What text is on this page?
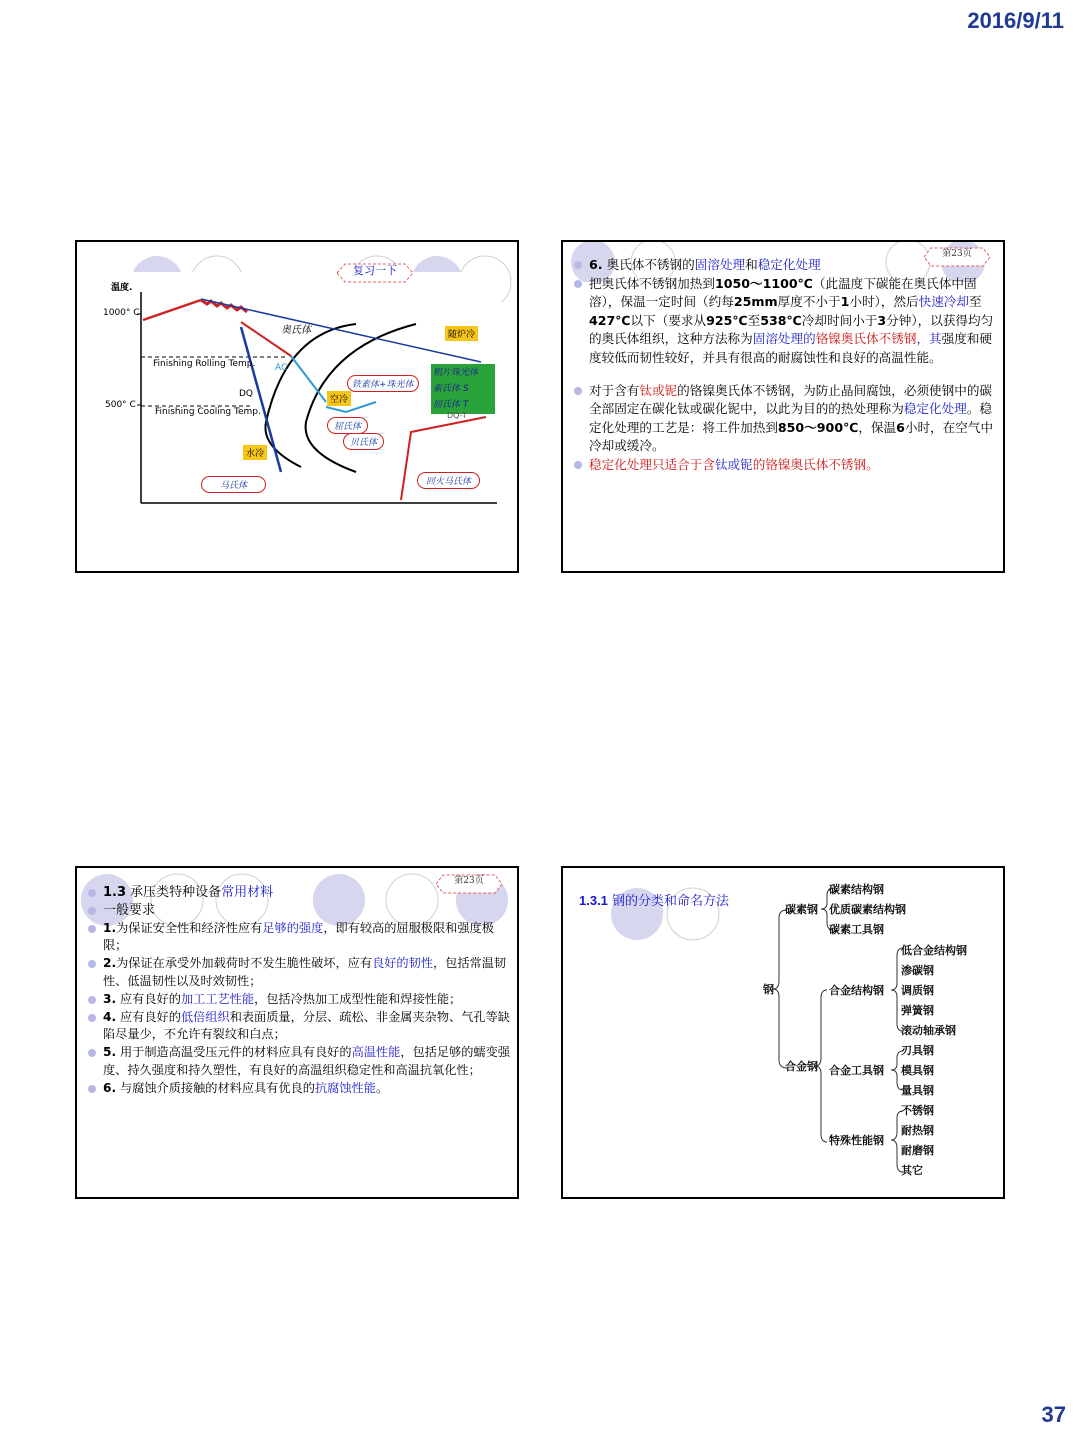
2016/9/11
温度.
1000° C
500° C
Finishing Rolling Temp.
Finishing Cooling Temp.
AC
DQ
DQ-T
奥氏体	随炉冷
空冷
水冷
铁素体+珠光体
粗片珠光体
索氏体 S
屈氏体 T
屈氏体
贝氏体
马氏体	回火马氏体
复习一下
第23页
6. 奥氏体不锈钢的固溶处理和稳定化处理
把奥氏体不锈钢加热到1050～1100℃（此温度下碳能在奥氏体中固溶），保温一定时间（约每25mm厚度不小于1小时），然后快速冷却至427℃以下（要求从925℃至538℃冷却时间小于3分钟），以获得均匀的奥氏体组织，这种方法称为固溶处理的铬镍奥氏体不锈钢，其强度和硬度较低而韧性较好，并具有很高的耐腐蚀性和良好的高温性能。
对于含有钛或铌的铬镍奥氏体不锈钢，为防止晶间腐蚀，必须使钢中的碳全部固定在碳化钛或碳化铌中，以此为目的的热处理称为稳定化处理。稳定化处理的工艺是：将工件加热到850～900℃，保温6小时，在空气中冷却或缓冷。
稳定化处理只适合于含钛或铌的铬镍奥氏体不锈钢。
第23页
1.3 承压类特种设备常用材料
一般要求
1.为保证安全性和经济性应有足够的强度，即有较高的屈服极限和强度极限；
2.为保证在承受外加载荷时不发生脆性破坏，应有良好的韧性，包括常温韧性、低温韧性以及时效韧性；
3. 应有良好的加工工艺性能，包括冷热加工成型性能和焊接性能；
4. 应有良好的低倍组织和表面质量，分层、疏松、非金属夹杂物、气孔等缺陷尽量少，不允许有裂纹和白点；
5. 用于制造高温受压元件的材料应具有良好的高温性能，包括足够的蠕变强度、持久强度和持久塑性，有良好的高温组织稳定性和高温抗氧化性；
6. 与腐蚀介质接触的材料应具有优良的抗腐蚀性能。
1.3.1 钢的分类和命名方法
钢
碳素钢
碳素结构钢
优质碳素结构钢
碳素工具钢
合金钢
合金结构钢
低合金结构钢
渗碳钢
调质钢
弹簧钢
滚动轴承钢
合金工具钢
刃具钢
模具钢
量具钢
特殊性能钢
不锈钢
耐热钢
耐磨钢
其它
37
